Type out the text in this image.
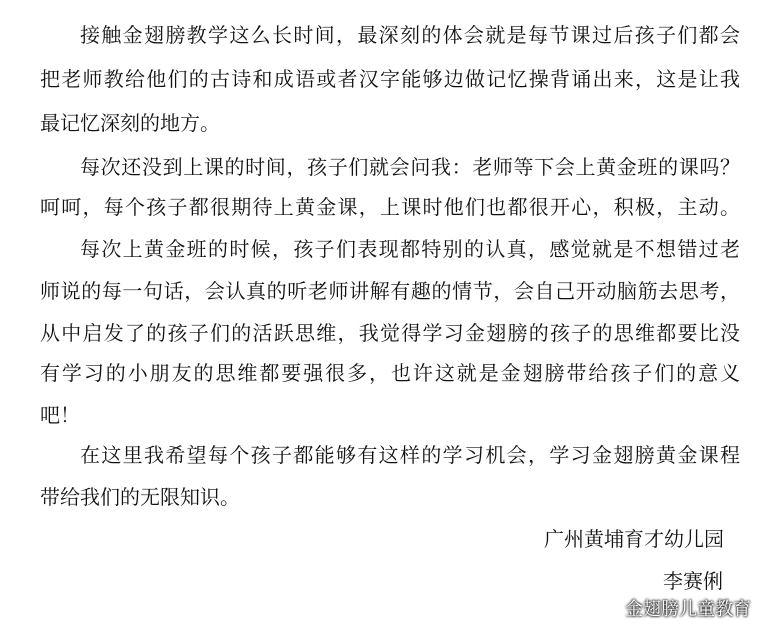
接触金翅膀教学这么长时间，最深刻的体会就是每节课过后孩子们都会
把老师教给他们的古诗和成语或者汉字能够边做记忆操背诵出来，这是让我
最记忆深刻的地方。
每次还没到上课的时间，孩子们就会问我：老师等下会上黄金班的课吗？
呵呵，每个孩子都很期待上黄金课，上课时他们也都很开心，积极，主动。
每次上黄金班的时候，孩子们表现都特别的认真，感觉就是不想错过老
师说的每一句话，会认真的听老师讲解有趣的情节，会自己开动脑筋去思考，
从中启发了的孩子们的活跃思维，我觉得学习金翅膀的孩子的思维都要比没
有学习的小朋友的思维都要强很多，也许这就是金翅膀带给孩子们的意义
吧！
在这里我希望每个孩子都能够有这样的学习机会，学习金翅膀黄金课程
带给我们的无限知识。
广州黄埔育才幼儿园
李赛俐
金翅膀儿童教育
